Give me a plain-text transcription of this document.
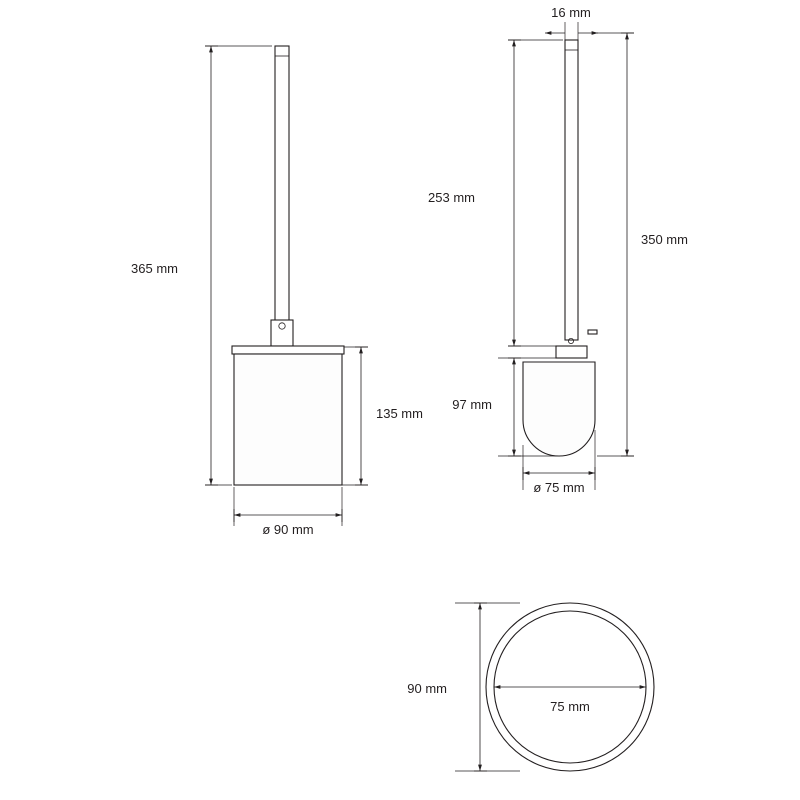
365 mm
135 mm
ø 90 mm
16 mm
253 mm
350 mm
97 mm
ø 75 mm
90 mm
75 mm
